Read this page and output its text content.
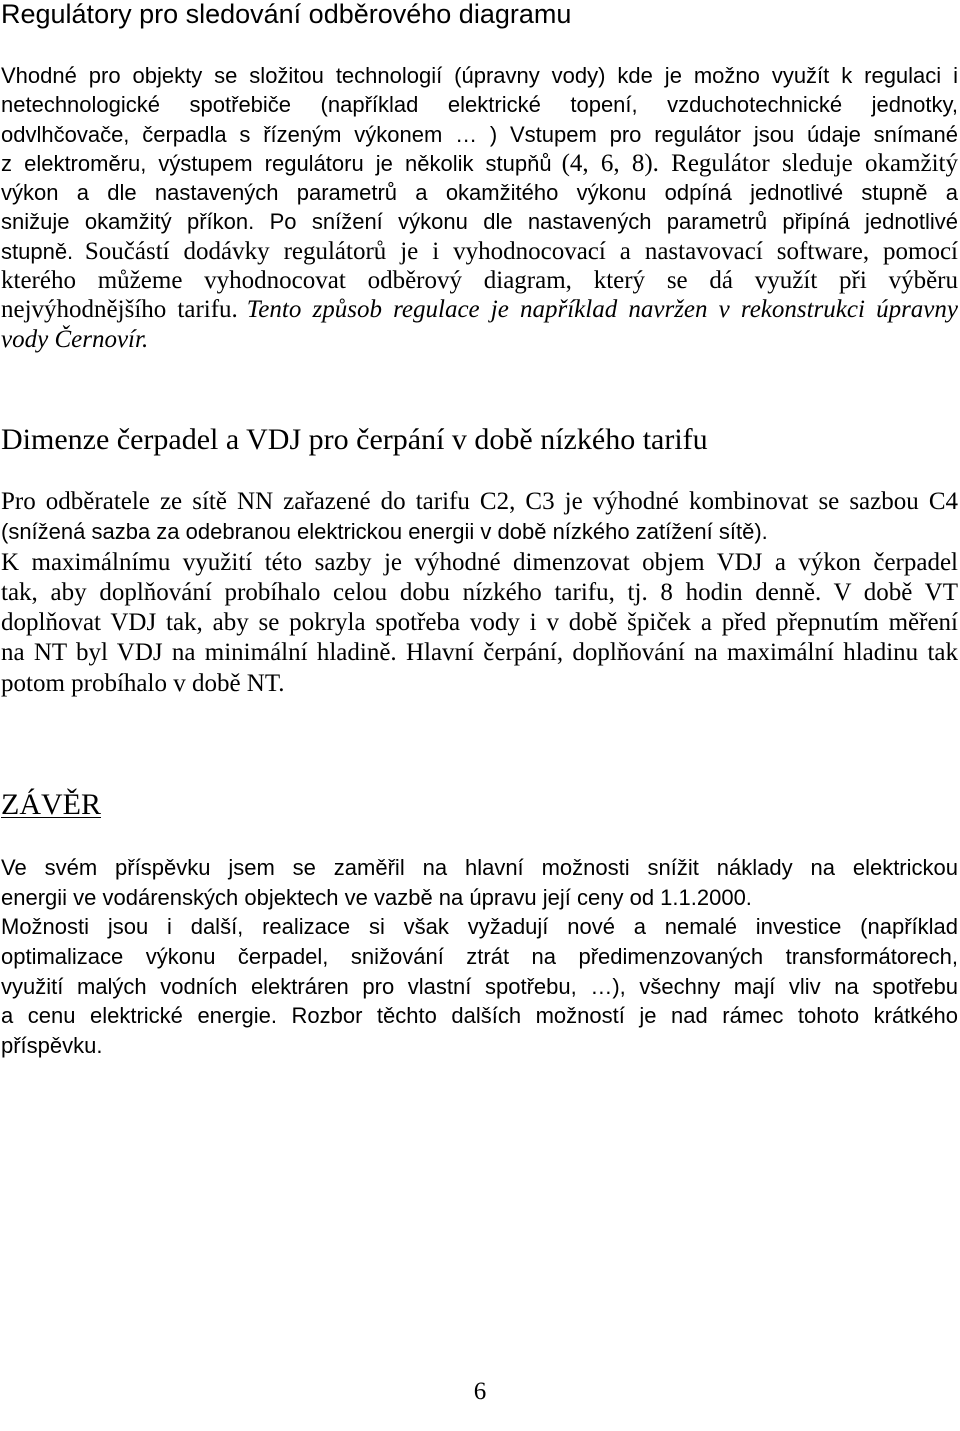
Regulátory pro sledování odběrového diagramu
Vhodné pro objekty se složitou technologií (úpravny vody) kde je možno využít k regulaci i
netechnologické spotřebiče (například elektrické topení, vzduchotechnické jednotky,
odvlhčovače, čerpadla s řízeným výkonem … ) Vstupem pro regulátor jsou údaje snímané
z elektroměru, výstupem regulátoru je několik stupňů (4, 6, 8). Regulátor sleduje okamžitý
výkon a dle nastavených parametrů a okamžitého výkonu odpíná jednotlivé stupně a
snižuje okamžitý příkon. Po snížení výkonu dle nastavených parametrů připíná jednotlivé
stupně. Součástí dodávky regulátorů je i vyhodnocovací a nastavovací software, pomocí
kterého můžeme vyhodnocovat odběrový diagram, který se dá využít při výběru
nejvýhodnějšího tarifu. Tento způsob regulace je například navržen v rekonstrukci úpravny
vody Černovír.
Dimenze čerpadel a VDJ pro čerpání v době nízkého tarifu
Pro odběratele ze sítě NN zařazené do tarifu C2, C3 je výhodné kombinovat se sazbou C4
(snížená sazba za odebranou elektrickou energii v době nízkého zatížení sítě).
K maximálnímu využití této sazby je výhodné dimenzovat objem VDJ a výkon čerpadel
tak, aby doplňování probíhalo celou dobu nízkého tarifu, tj. 8 hodin denně. V době VT
doplňovat VDJ tak, aby se pokryla spotřeba vody i v době špiček a před přepnutím měření
na NT byl VDJ na minimální hladině. Hlavní čerpání, doplňování na maximální hladinu tak
potom probíhalo v době NT.
ZÁVĚR
Ve svém příspěvku jsem se zaměřil na hlavní možnosti snížit náklady na elektrickou
energii ve vodárenských objektech ve vazbě na úpravu její ceny od 1.1.2000.
Možnosti jsou i další, realizace si však vyžadují nové a nemalé investice (například
optimalizace výkonu čerpadel, snižování ztrát na předimenzovaných transformátorech,
využití malých vodních elektráren pro vlastní spotřebu, …), všechny mají vliv na spotřebu
a cenu elektrické energie. Rozbor těchto dalších možností je nad rámec tohoto krátkého
příspěvku.
6
